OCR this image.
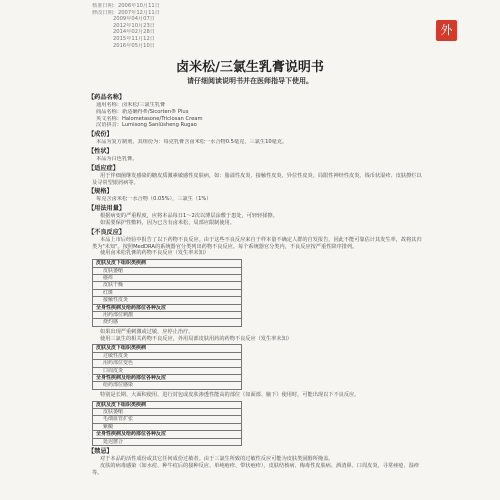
核准日期：2006年10月11日
修改日期：2007年12月11日
2009年04月07日
2012年10月23日
2014年02月28日
2015年11月12日
2016年05月10日
外
卤米松/三氯生乳膏说明书
请仔细阅读说明书并在医师指导下使用。
【药品名称】
通用名称：卤米松/三氯生乳膏
商品名称：新适确得®/Sicorten® Plus
英文名称：Halometasone/Triclosan Cream
汉语拼音：Lumisong Sanlüsheng Rugao
【成份】
本品为复方制剂，其组份为：每克乳膏含卤米松一水合物0.5毫克，三氯生10毫克。
【性状】
本品为白色乳膏。
【适应症】
用于伴细菌继发感染的糖皮质激素敏感性皮肤病，如：脂溢性皮炎、接触性皮炎、异位性皮炎、局限性神经性皮炎、钱币状湿疹、皮肤擦烂以及寻常型银屑病等。
【规格】
每克含卤米松一水合物（0.05%），三氯生（1%）
【用法用量】
根据病变的严重程度，应将本品每日1～2次以薄层涂敷于患处，可轻轻揉擦。
如需要保护性敷料，因为已含有卤米松，局部应限制使用。
【不良反应】
本品上市后经验中报告了以下药物不良反应。由于这些不良反应来自于样本量不确定人群的自发报告，因此不能可靠估计其发生率，故将其归类为"未知"。按照MedDRA的系统器官分类列出药物不良反应。每个系统器官分类内，不良反应按严重性降序排列。
使用卤米松乳膏的药物不良反应（发生率未知）
皮肤及皮下组织类疾病
皮肤萎缩
瘙痒
皮肤干燥
红斑
接触性皮炎
全身性疾病及给药部位各种反应
用药部位刺激
烧灼感
如果出现严重刺激或过敏，应停止治疗。
使用三氯生的相关药物不良反应，外用局部皮肤用药的药物不良反应（发生率未知）
皮肤及皮下组织类疾病
过敏性皮炎
用药部位变色
口周皮炎
全身性疾病及给药部位各种反应
给药部位感染
特别是长期、大面积使用、进行封包或皮肤渗透性能高的部位（如面部、腋下）使用时，可能出现以下不良反应。
皮肤及皮下组织类疾病
皮肤萎缩
毛细血管扩张
紫癜
全身性疾病及给药部位各种反应
延迟愈合
【禁忌】
对于本品的活性成份或其它任何成份过敏者。由于三氯生所致的过敏性反应可能为皮肤类固醇所掩盖。
皮肤的病毒感染（如水痘、种牛痘后的接种反应、单纯疱疹、带状疱疹），皮肤结核病、梅毒性皮肤病、酒渣鼻、口周皮炎、寻常痤疮、湿疹等。
